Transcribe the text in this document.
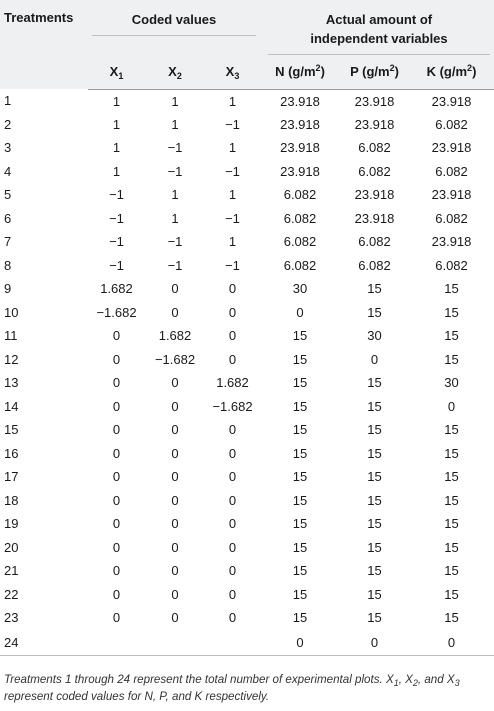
Treatments	Coded values			Actual amount of
independent variables		

	$X_1$	$X_2$	$X_3$	N $(g/m^2)$	P $(g/m^2)$	K $(g/m^2)$
1	1	1	1	23.918	23.918	23.918
2	1	1	−1	23.918	23.918	6.082
3	1	−1	1	23.918	6.082	23.918
4	1	−1	−1	23.918	6.082	6.082
5	−1	1	1	6.082	23.918	23.918
6	−1	1	−1	6.082	23.918	6.082
7	−1	−1	1	6.082	6.082	23.918
8	−1	−1	−1	6.082	6.082	6.082
9	1.682	0	0	30	15	15
10	−1.682	0	0	0	15	15
11	0	1.682	0	15	30	15
12	0	−1.682	0	15	0	15
13	0	0	1.682	15	15	30
14	0	0	−1.682	15	15	0
15	0	0	0	15	15	15
16	0	0	0	15	15	15
17	0	0	0	15	15	15
18	0	0	0	15	15	15
19	0	0	0	15	15	15
20	0	0	0	15	15	15
21	0	0	0	15	15	15
22	0	0	0	15	15	15
23	0	0	0	15	15	15
24				0	0	0
Treatments 1 through 24 represent the total number of experimental plots. $X_1$, $X_2$, and $X_3$ represent coded values for N, P, and K respectively.
